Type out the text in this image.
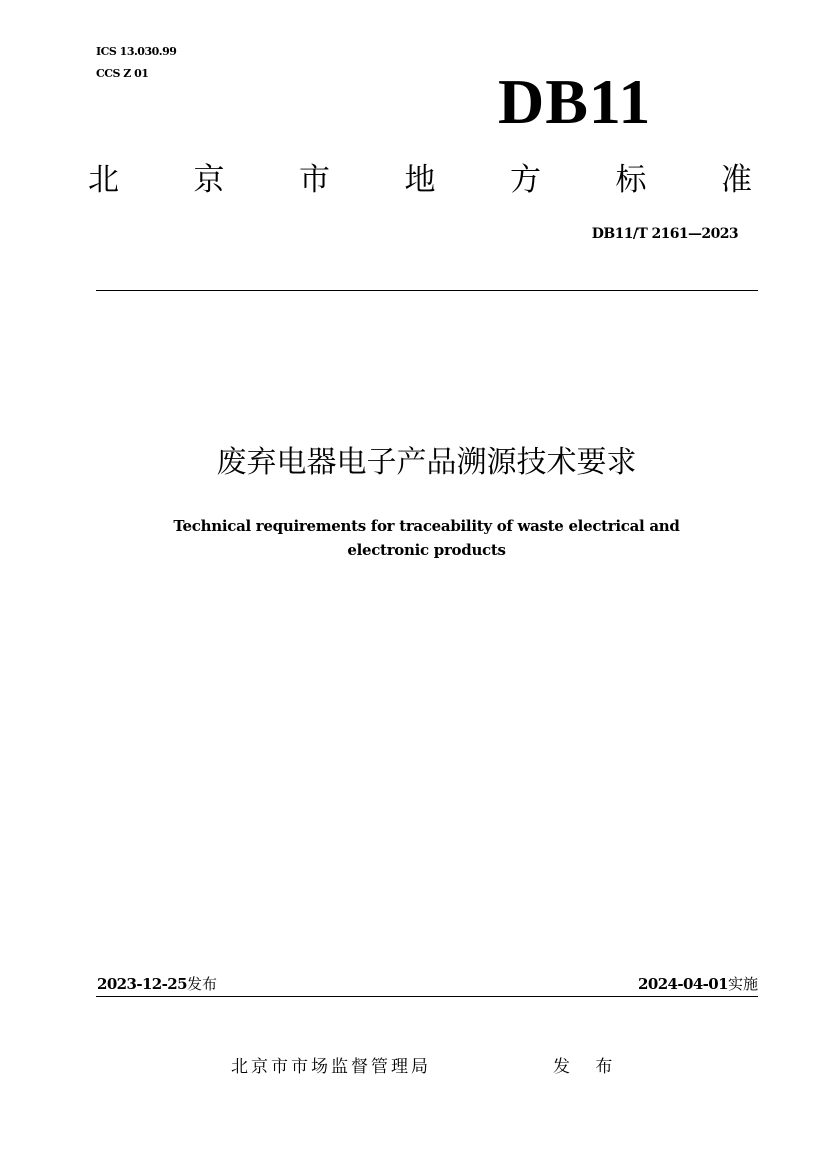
ICS 13.030.99
CCS Z 01	DB11
北 京 市 地 方 标 准
DB11/T 2161—2023
废弃电器电子产品溯源技术要求
Technical requirements for traceability of waste electrical and
electronic products
2023-12-25发布	2024-04-01实施
北京市市场监督管理局	发 布
